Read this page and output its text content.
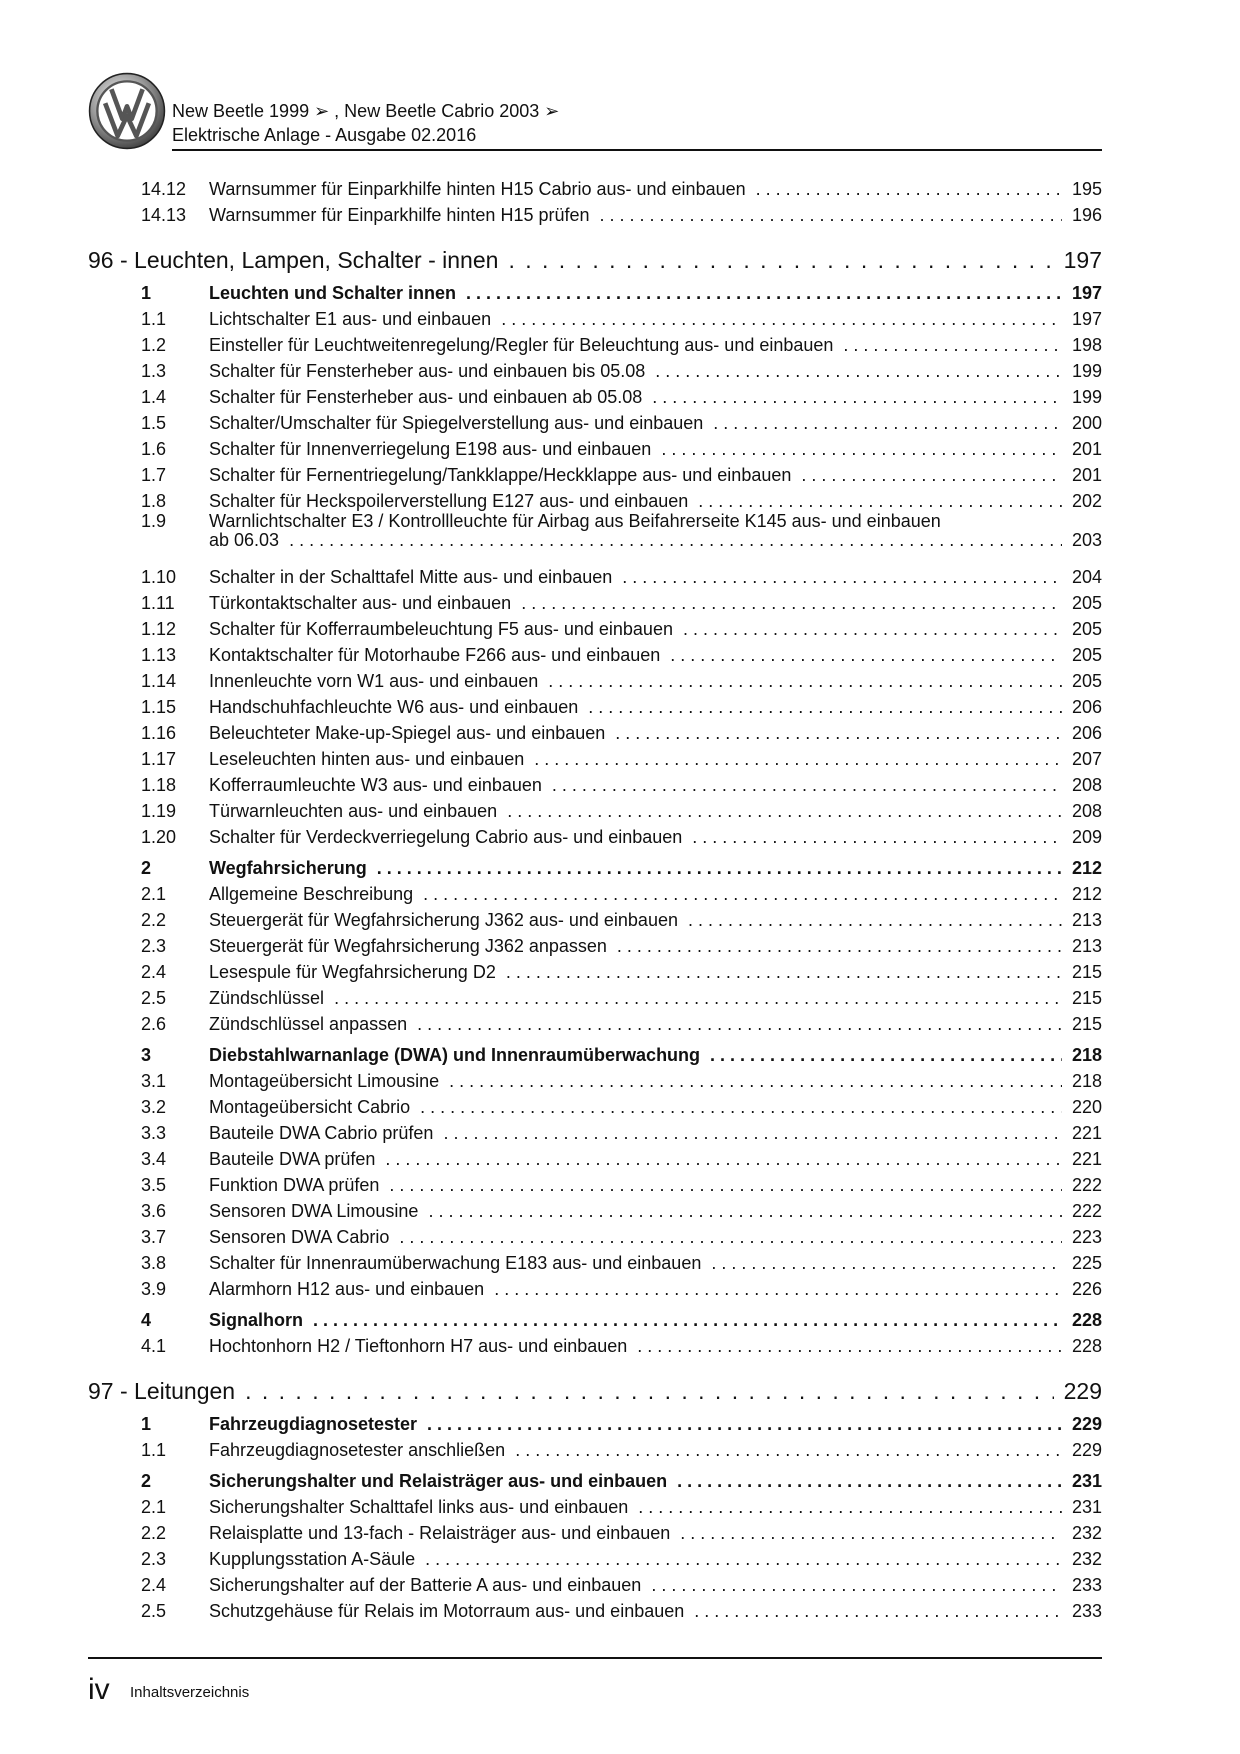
New Beetle 1999 ➢ , New Beetle Cabrio 2003 ➢
Elektrische Anlage - Ausgabe 02.2016
14.12	Warnsummer für Einparkhilfe hinten H15 Cabrio aus- und einbauen . . .	195
14.13	Warnsummer für Einparkhilfe hinten H15 prüfen . . .	196
96 - Leuchten, Lampen, Schalter - innen . . .	197
1	Leuchten und Schalter innen . . .	197
1.1	Lichtschalter E1 aus- und einbauen . . .	197
1.2	Einsteller für Leuchtweitenregelung/Regler für Beleuchtung aus- und einbauen . . .	198
1.3	Schalter für Fensterheber aus- und einbauen bis 05.08 . . .	199
1.4	Schalter für Fensterheber aus- und einbauen ab 05.08 . . .	199
1.5	Schalter/Umschalter für Spiegelverstellung aus- und einbauen . . .	200
1.6	Schalter für Innenverriegelung E198 aus- und einbauen . . .	201
1.7	Schalter für Fernentriegelung/Tankklappe/Heckklappe aus- und einbauen . . .	201
1.8	Schalter für Heckspoilerverstellung E127 aus- und einbauen . . .	202
1.9 Warnlichtschalter E3 / Kontrollleuchte für Airbag aus Beifahrerseite K145 aus- und einbauen
ab 06.03 . . .	203
1.10	Schalter in der Schalttafel Mitte aus- und einbauen . . .	204
1.11	Türkontaktschalter aus- und einbauen . . .	205
1.12	Schalter für Kofferraumbeleuchtung F5 aus- und einbauen . . .	205
1.13	Kontaktschalter für Motorhaube F266 aus- und einbauen . . .	205
1.14	Innenleuchte vorn W1 aus- und einbauen . . .	205
1.15	Handschuhfachleuchte W6 aus- und einbauen . . .	206
1.16	Beleuchteter Make-up-Spiegel aus- und einbauen . . .	206
1.17	Leseleuchten hinten aus- und einbauen . . .	207
1.18	Kofferraumleuchte W3 aus- und einbauen . . .	208
1.19	Türwarnleuchten aus- und einbauen . . .	208
1.20	Schalter für Verdeckverriegelung Cabrio aus- und einbauen . . .	209
2	Wegfahrsicherung . . .	212
2.1	Allgemeine Beschreibung . . .	212
2.2	Steuergerät für Wegfahrsicherung J362 aus- und einbauen . . .	213
2.3	Steuergerät für Wegfahrsicherung J362 anpassen . . .	213
2.4	Lesespule für Wegfahrsicherung D2 . . .	215
2.5	Zündschlüssel . . .	215
2.6	Zündschlüssel anpassen . . .	215
3	Diebstahlwarnanlage (DWA) und Innenraumüberwachung . . .	218
3.1	Montageübersicht Limousine . . .	218
3.2	Montageübersicht Cabrio . . .	220
3.3	Bauteile DWA Cabrio prüfen . . .	221
3.4	Bauteile DWA prüfen . . .	221
3.5	Funktion DWA prüfen . . .	222
3.6	Sensoren DWA Limousine . . .	222
3.7	Sensoren DWA Cabrio . . .	223
3.8	Schalter für Innenraumüberwachung E183 aus- und einbauen . . .	225
3.9	Alarmhorn H12 aus- und einbauen . . .	226
4	Signalhorn . . .	228
4.1	Hochtonhorn H2 / Tieftonhorn H7 aus- und einbauen . . .	228
97 - Leitungen . . .	229
1	Fahrzeugdiagnosetester . . .	229
1.1	Fahrzeugdiagnosetester anschließen . . .	229
2	Sicherungshalter und Relaisträger aus- und einbauen . . .	231
2.1	Sicherungshalter Schalttafel links aus- und einbauen . . .	231
2.2	Relaisplatte und 13-fach - Relaisträger aus- und einbauen . . .	232
2.3	Kupplungsstation A-Säule . . .	232
2.4	Sicherungshalter auf der Batterie A aus- und einbauen . . .	233
2.5	Schutzgehäuse für Relais im Motorraum aus- und einbauen . . .	233
iv Inhaltsverzeichnis
